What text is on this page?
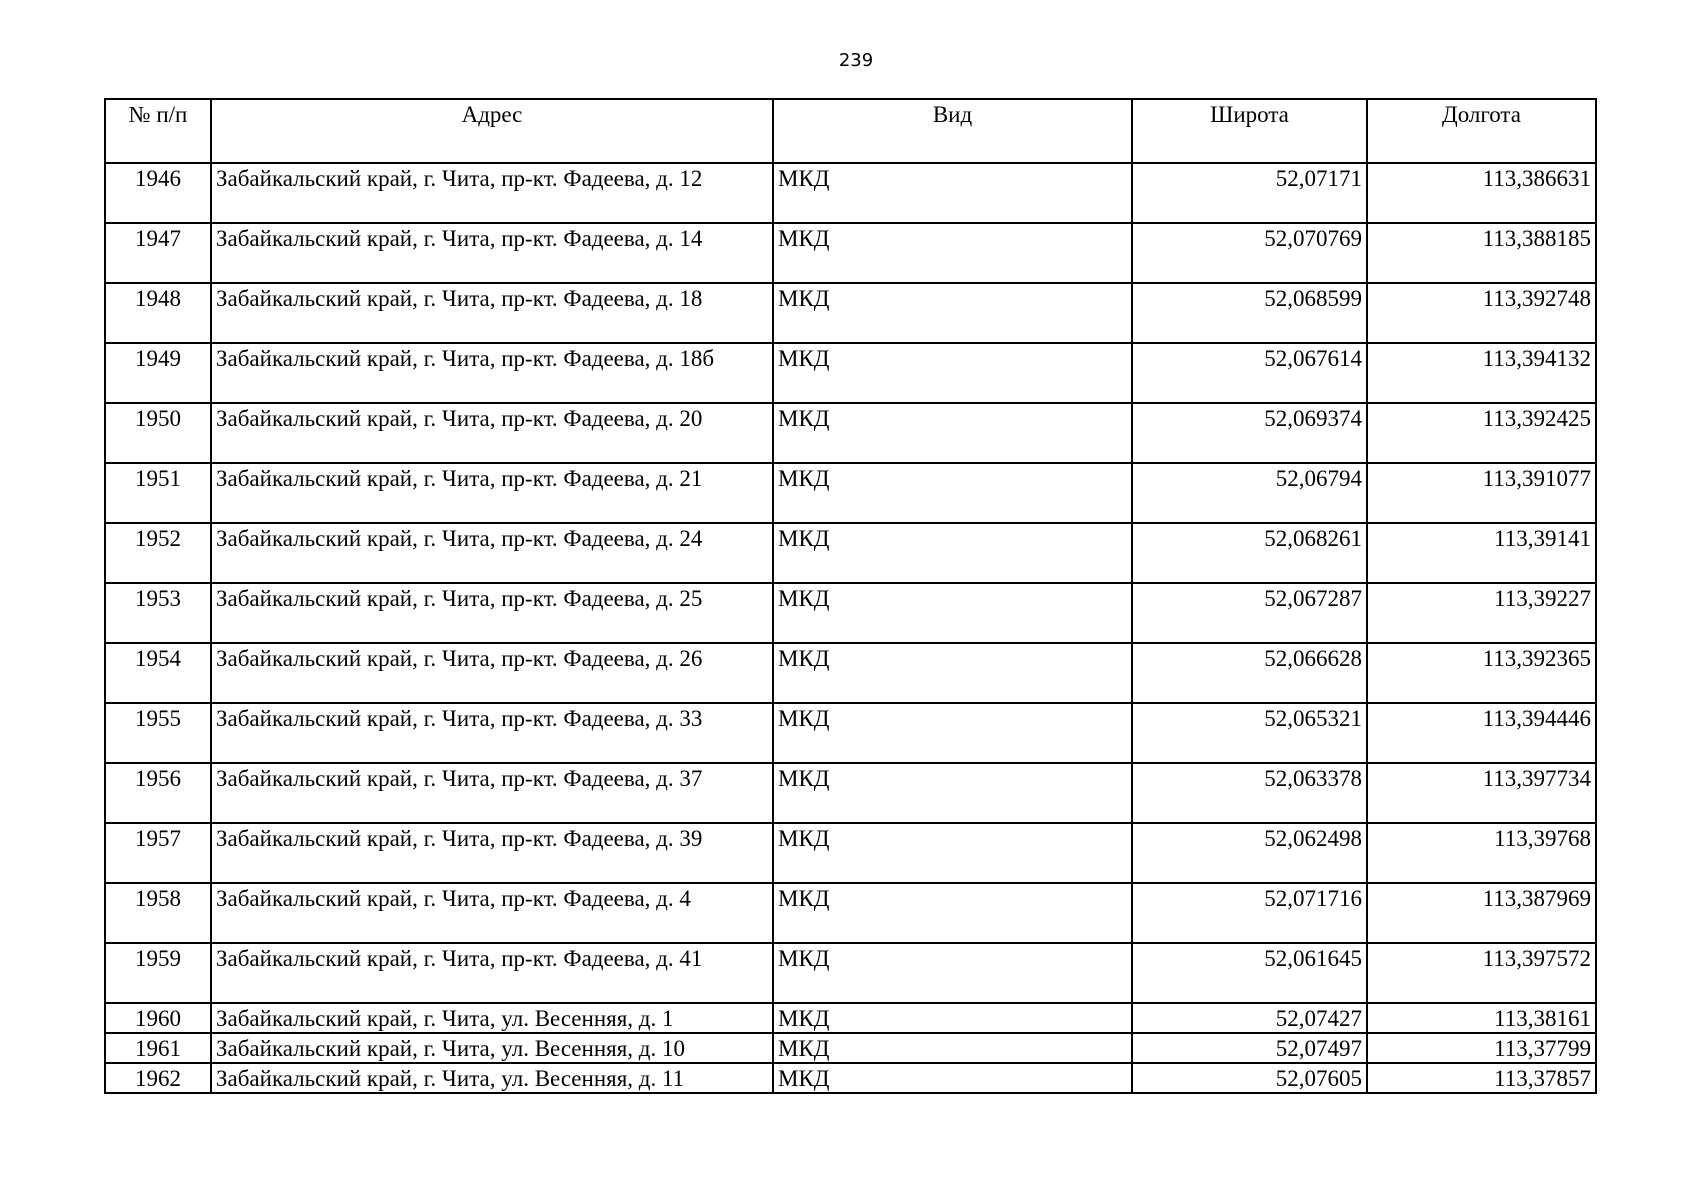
239
№ п/п	Адрес	Вид	Широта	Долгота
1946	Забайкальский край, г. Чита, пр-кт. Фадеева, д. 12	МКД	52,07171	113,386631
1947	Забайкальский край, г. Чита, пр-кт. Фадеева, д. 14	МКД	52,070769	113,388185
1948	Забайкальский край, г. Чита, пр-кт. Фадеева, д. 18	МКД	52,068599	113,392748
1949	Забайкальский край, г. Чита, пр-кт. Фадеева, д. 18б	МКД	52,067614	113,394132
1950	Забайкальский край, г. Чита, пр-кт. Фадеева, д. 20	МКД	52,069374	113,392425
1951	Забайкальский край, г. Чита, пр-кт. Фадеева, д. 21	МКД	52,06794	113,391077
1952	Забайкальский край, г. Чита, пр-кт. Фадеева, д. 24	МКД	52,068261	113,39141
1953	Забайкальский край, г. Чита, пр-кт. Фадеева, д. 25	МКД	52,067287	113,39227
1954	Забайкальский край, г. Чита, пр-кт. Фадеева, д. 26	МКД	52,066628	113,392365
1955	Забайкальский край, г. Чита, пр-кт. Фадеева, д. 33	МКД	52,065321	113,394446
1956	Забайкальский край, г. Чита, пр-кт. Фадеева, д. 37	МКД	52,063378	113,397734
1957	Забайкальский край, г. Чита, пр-кт. Фадеева, д. 39	МКД	52,062498	113,39768
1958	Забайкальский край, г. Чита, пр-кт. Фадеева, д. 4	МКД	52,071716	113,387969
1959	Забайкальский край, г. Чита, пр-кт. Фадеева, д. 41	МКД	52,061645	113,397572
1960	Забайкальский край, г. Чита, ул. Весенняя, д. 1	МКД	52,07427	113,38161
1961	Забайкальский край, г. Чита, ул. Весенняя, д. 10	МКД	52,07497	113,37799
1962	Забайкальский край, г. Чита, ул. Весенняя, д. 11	МКД	52,07605	113,37857
